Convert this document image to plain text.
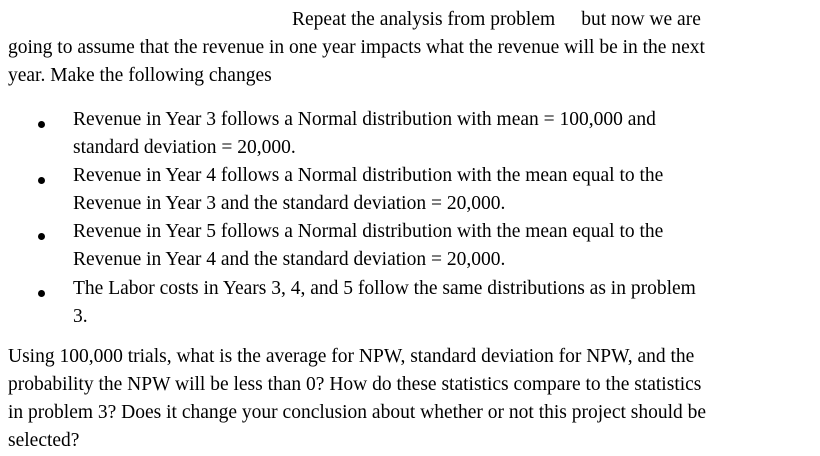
Repeat the analysis from problem but now we are
going to assume that the revenue in one year impacts what the revenue will be in the next
year. Make the following changes
Revenue in Year 3 follows a Normal distribution with mean = 100,000 and
standard deviation = 20,000.
Revenue in Year 4 follows a Normal distribution with the mean equal to the
Revenue in Year 3 and the standard deviation = 20,000.
Revenue in Year 5 follows a Normal distribution with the mean equal to the
Revenue in Year 4 and the standard deviation = 20,000.
The Labor costs in Years 3, 4, and 5 follow the same distributions as in problem
3.
Using 100,000 trials, what is the average for NPW, standard deviation for NPW, and the
probability the NPW will be less than 0? How do these statistics compare to the statistics
in problem 3? Does it change your conclusion about whether or not this project should be
selected?
